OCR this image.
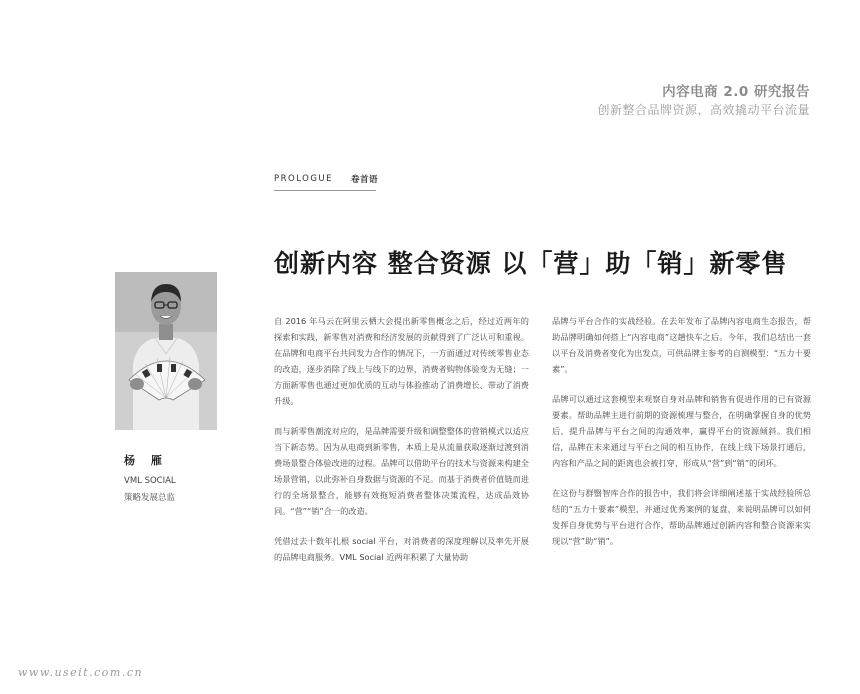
内容电商 2.0 研究报告
创新整合品牌资源，高效撬动平台流量
PROLOGUE 卷首语
创新内容 整合资源 以「营」助「销」新零售
杨 雁
VML SOCIAL
策略发展总监

自 2016 年马云在阿里云栖大会提出新零售概念之后，经过近两年的探索和实践，新零售对消费和经济发展的贡献得到了广泛认可和重视。在品牌和电商平台共同发力合作的情况下，一方面通过对传统零售业态的改造，逐步消除了线上与线下的边界，消费者购物体验变为无缝；一方面新零售也通过更加优质的互动与体验推动了消费增长、带动了消费升级。

而与新零售潮流对应的，是品牌需要升级和调整整体的营销模式以适应当下新态势。因为从电商到新零售，本质上是从流量获取逐渐过渡到消费场景整合体验改进的过程。品牌可以借助平台的技术与资源来构建全场景营销，以此弥补自身数据与资源的不足。而基于消费者价值链而进行的全场景整合，能够有效拖短消费者整体决策流程，达成品效协同。“营”“销”合一的改造。

凭借过去十数年扎根 social 平台，对消费者的深度理解以及率先开展的品牌电商服务。VML Social 近两年积累了大量协助

品牌与平台合作的实战经验。在去年发布了品牌内容电商生态报告，帮助品牌明确如何搭上“内容电商”这趟快车之后。今年，我们总结出一套以平台及消费者变化为出发点，可供品牌主参考的自测模型：“五力十要素”。

品牌可以通过这套模型来观察自身对品牌和销售有促进作用的已有资源要素。帮助品牌主进行前期的资源梳理与整合，在明确掌握自身的优势后，提升品牌与平台之间的沟通效率，赢得平台的资源倾斜。我们相信，品牌在未来通过与平台之间的相互协作，在线上线下场景打通后，内容和产品之间的距离也会被打穿，形成从“营”到“销”的闭环。

在这份与群翳智库合作的报告中，我们将会详细阐述基于实战经验所总结的“五力十要素”模型，并通过优秀案例的复盘，来说明品牌可以如何发挥自身优势与平台进行合作，帮助品牌通过创新内容和整合资源来实现以“营”助“销”。

www.useit.com.cn
